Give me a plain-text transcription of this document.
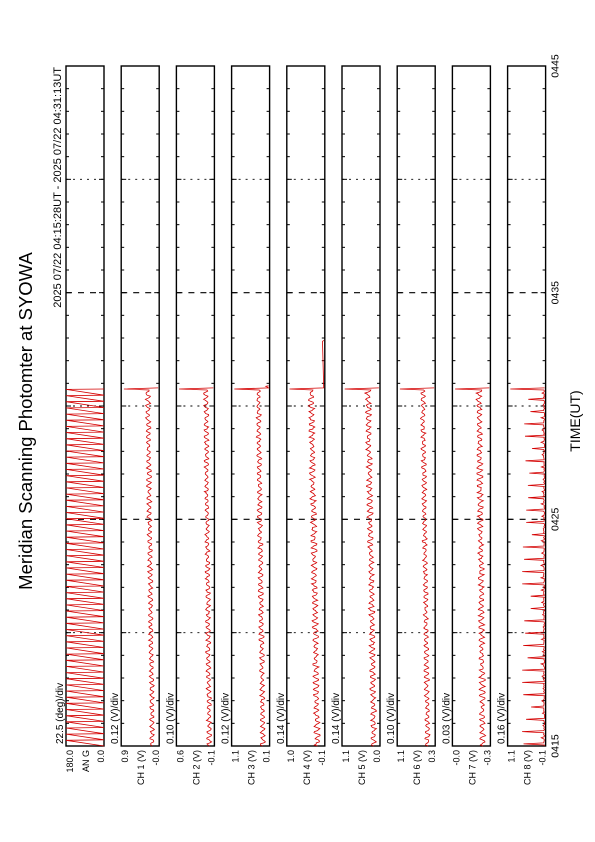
Meridian Scanning Photomter at SYOWA
2025 07/22 04:15:28UT - 2025 07/22 04:31:13UT
TIME(UT)
0415
0425
0435
0445
0.0
180.0 AN G
22.5 (deg)/div
-0.0
0.9 CH 1 (V)
0.12 (V)/div
-0.1
0.6 CH 2 (V)
0.10 (V)/div
0.1
1.1 CH 3 (V)
0.12 (V)/div
-0.1
1.0 CH 4 (V)
0.14 (V)/div
0.0
1.1 CH 5 (V)
0.14 (V)/div
0.3
1.1 CH 6 (V)
0.10 (V)/div
-0.3
-0.0 CH 7 (V)
0.03 (V)/div
-0.1
1.1 CH 8 (V)
0.16 (V)/div
